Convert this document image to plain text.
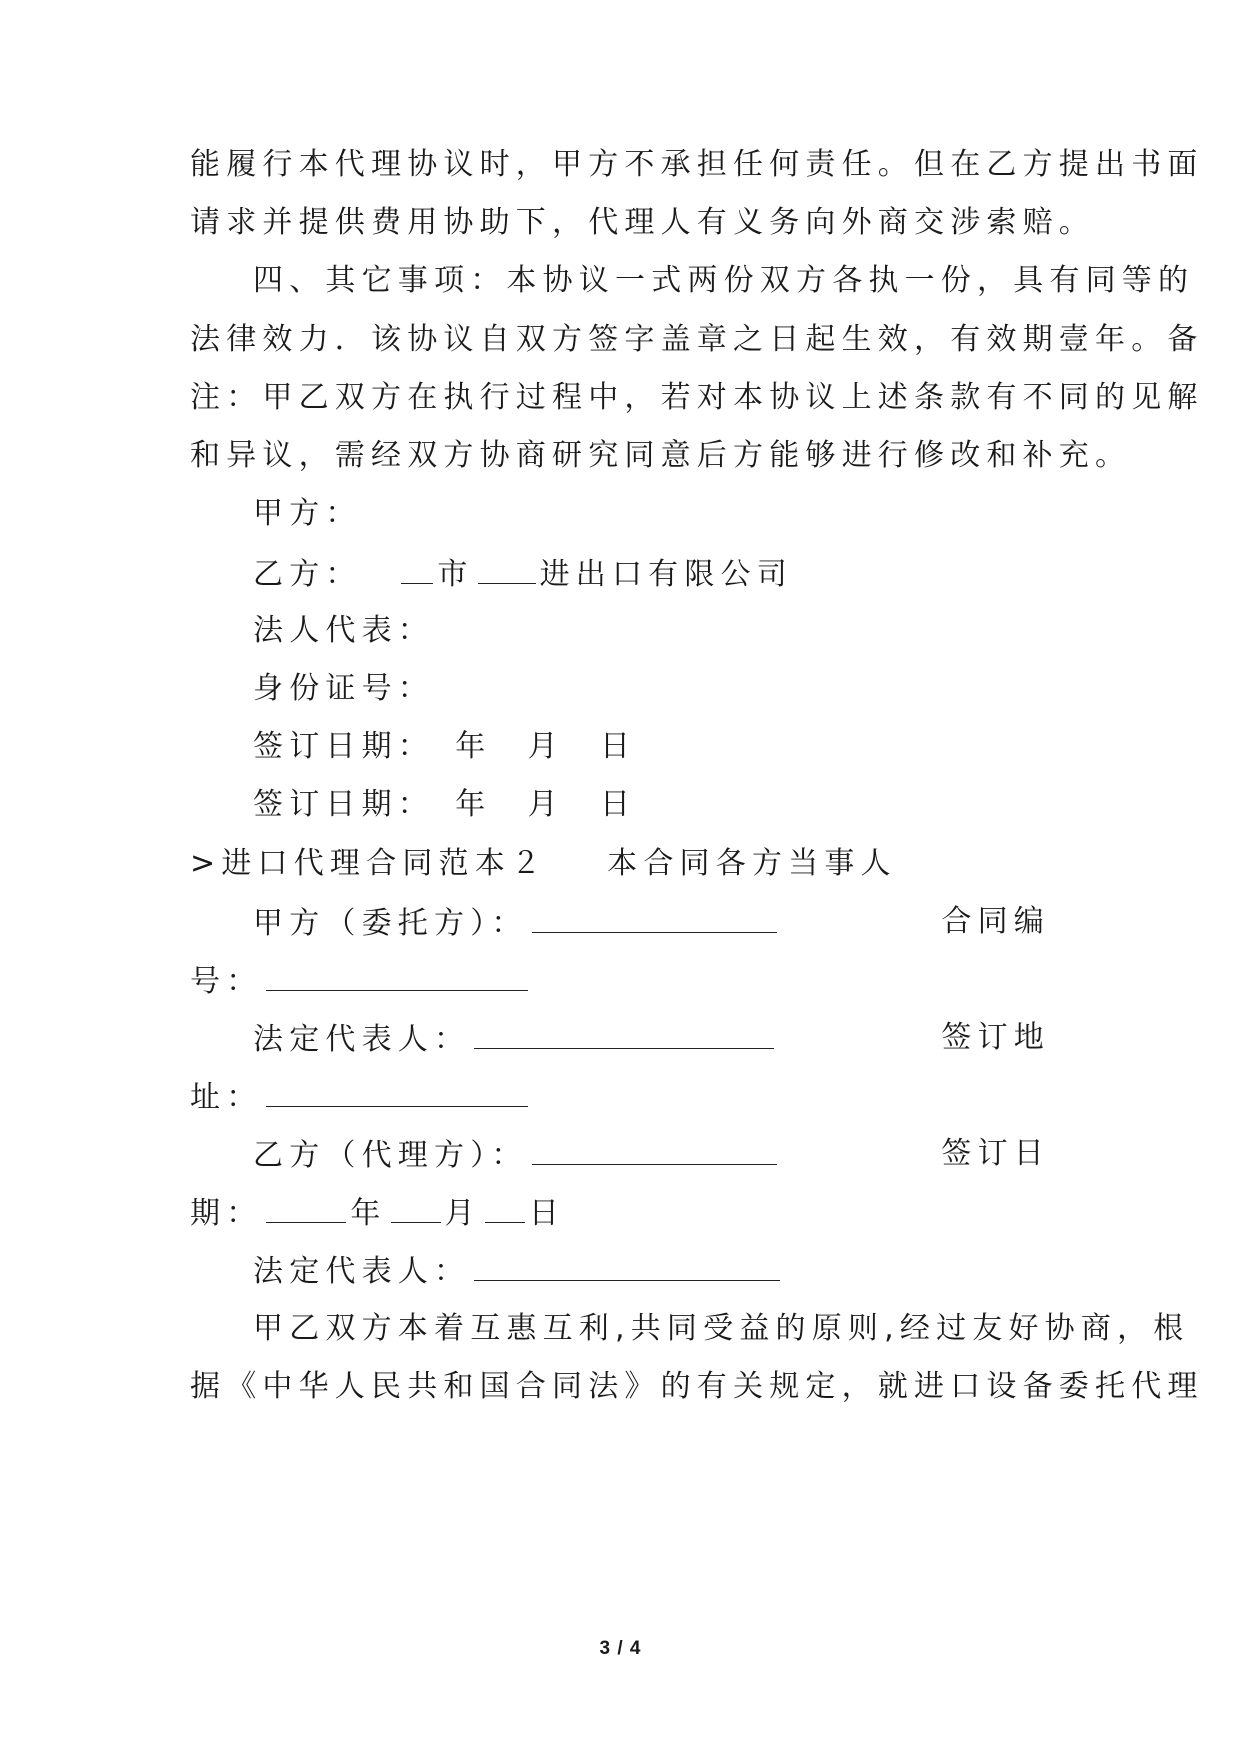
能履行本代理协议时，甲方不承担任何责任。但在乙方提出书面
请求并提供费用协助下，代理人有义务向外商交涉索赔。
四、其它事项：本协议一式两份双方各执一份，具有同等的
法律效力．该协议自双方签字盖章之日起生效，有效期壹年。备
注：甲乙双方在执行过程中，若对本协议上述条款有不同的见解
和异议，需经双方协商研究同意后方能够进行修改和补充。
甲方：
乙方：	市 进出口有限公司
法人代表：
身份证号：
签订日期：　年　月　日
签订日期：　年　月　日
>进口代理合同范本２ 本合同各方当事人
甲方（委托方）：	合同编
号：
法定代表人：	签订地
址：
乙方（代理方）：	签订日
期：	年 月 日
法定代表人：
甲乙双方本着互惠互利,共同受益的原则,经过友好协商，根
据《中华人民共和国合同法》的有关规定，就进口设备委托代理
3 / 4
